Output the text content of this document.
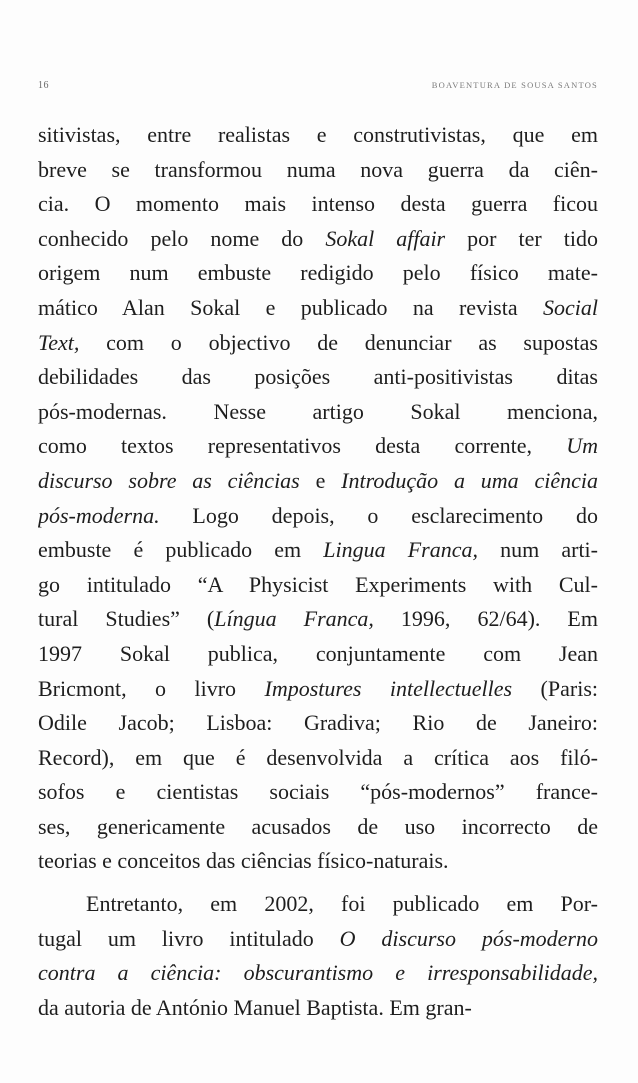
16	BOAVENTURA DE SOUSA SANTOS
sitivistas, entre realistas e construtivistas, que em
breve se transformou numa nova guerra da ciên-
cia. O momento mais intenso desta guerra ficou
conhecido pelo nome do Sokal affair por ter tido
origem num embuste redigido pelo físico mate-
mático Alan Sokal e publicado na revista Social
Text, com o objectivo de denunciar as supostas
debilidades das posições anti-positivistas ditas
pós-modernas. Nesse artigo Sokal menciona,
como textos representativos desta corrente, Um
discurso sobre as ciências e Introdução a uma ciência
pós-moderna. Logo depois, o esclarecimento do
embuste é publicado em Lingua Franca, num arti-
go intitulado “A Physicist Experiments with Cul-
tural Studies” (Língua Franca, 1996, 62/64). Em
1997 Sokal publica, conjuntamente com Jean
Bricmont, o livro Impostures intellectuelles (Paris:
Odile Jacob; Lisboa: Gradiva; Rio de Janeiro:
Record), em que é desenvolvida a crítica aos filó-
sofos e cientistas sociais “pós-modernos” france-
ses, genericamente acusados de uso incorrecto de
teorias e conceitos das ciências físico-naturais.
Entretanto, em 2002, foi publicado em Por-
tugal um livro intitulado O discurso pós-moderno
contra a ciência: obscurantismo e irresponsabilidade,
da autoria de António Manuel Baptista. Em gran-
